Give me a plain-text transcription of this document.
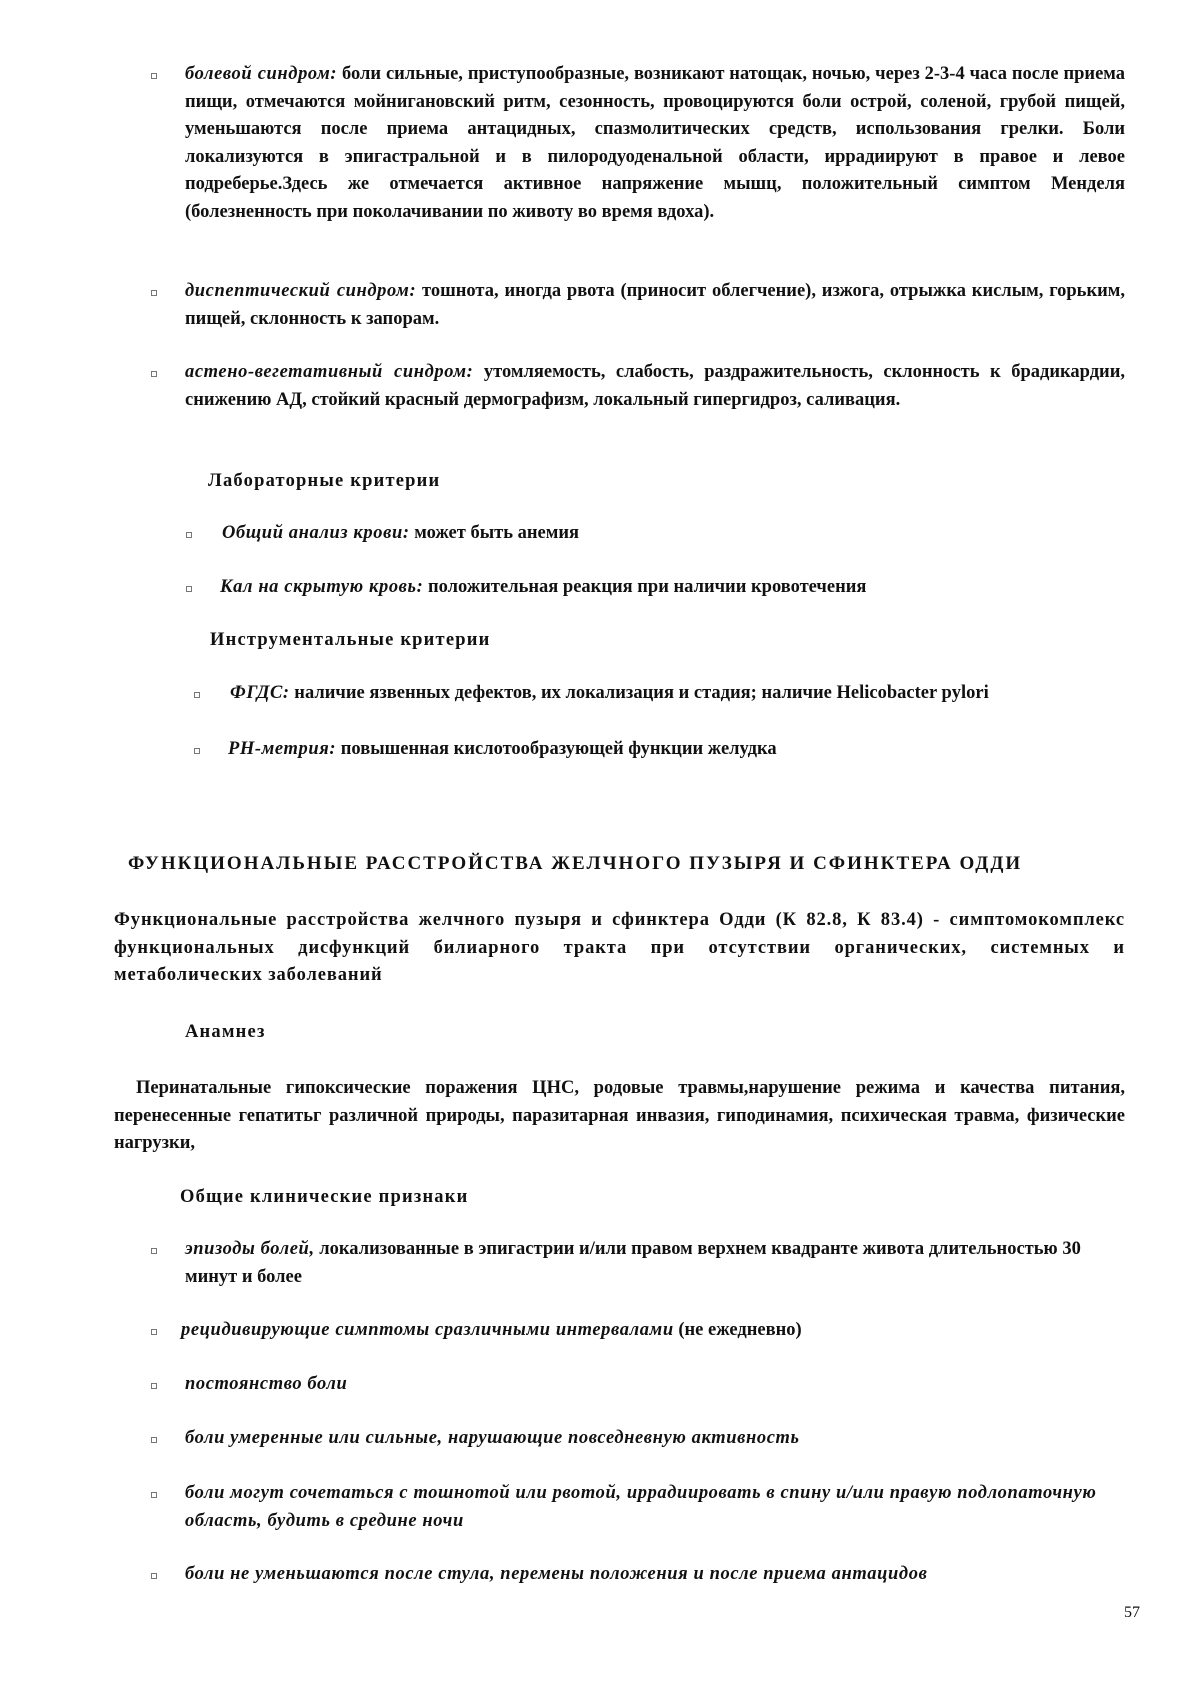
болевой синдром: боли сильные, приступообразные, возникают натощак, ночью, через 2-3-4 часа после приема пищи, отмечаются мойнигановский ритм, сезонность, провоцируются боли острой, соленой, грубой пищей, уменьшаются после приема антацидных, спазмолитических средств, использования грелки. Боли локализуются в эпигастральной и в пилородуоденальной области, иррадиируют в правое и левое подреберье.Здесь же отмечается активное напряжение мышц, положительный симптом Менделя (болезненность при поколачивании по животу во время вдоха).
диспептический синдром: тошнота, иногда рвота (приносит облегчение), изжога, отрыжка кислым, горьким, пищей, склонность к запорам.
астено-вегетативный синдром: утомляемость, слабость, раздражительность, склонность к брадикардии, снижению АД, стойкий красный дермографизм, локальный гипергидроз, саливация.
Лабораторные критерии
Общий анализ крови: может быть анемия
Кал на скрытую кровь: положительная реакция при наличии кровотечения
Инструментальные критерии
ФГДС: наличие язвенных дефектов, их локализация и стадия; наличие Helicobacter pylori
PH-метрия: повышенная кислотообразующей функции желудка
ФУНКЦИОНАЛЬНЫЕ РАССТРОЙСТВА ЖЕЛЧНОГО ПУЗЫРЯ И СФИНКТЕРА ОДДИ
Функциональные расстройства желчного пузыря и сфинктера Одди (К 82.8, К 83.4) - симптомокомплекс функциональных дисфункций билиарного тракта при отсутствии органических, системных и метаболических заболеваний
Анамнез
Перинатальные гипоксические поражения ЦНС, родовые травмы,нарушение режима и качества питания, перенесенные гепатитьг различной природы, паразитарная инвазия, гиподинамия, психическая травма, физические нагрузки,
Общие клинические признаки
эпизоды болей, локализованные в эпигастрии и/или правом верхнем квадранте живота длительностью 30 минут и более
рецидивирующие симптомы сразличными интервалами (не ежедневно)
постоянство боли
боли умеренные или сильные, нарушающие повседневную активность
боли могут сочетаться с тошнотой или рвотой, иррадиировать в спину и/или правую подлопаточную область, будить в средине ночи
боли не уменьшаются после стула, перемены положения и после приема антацидов
57
